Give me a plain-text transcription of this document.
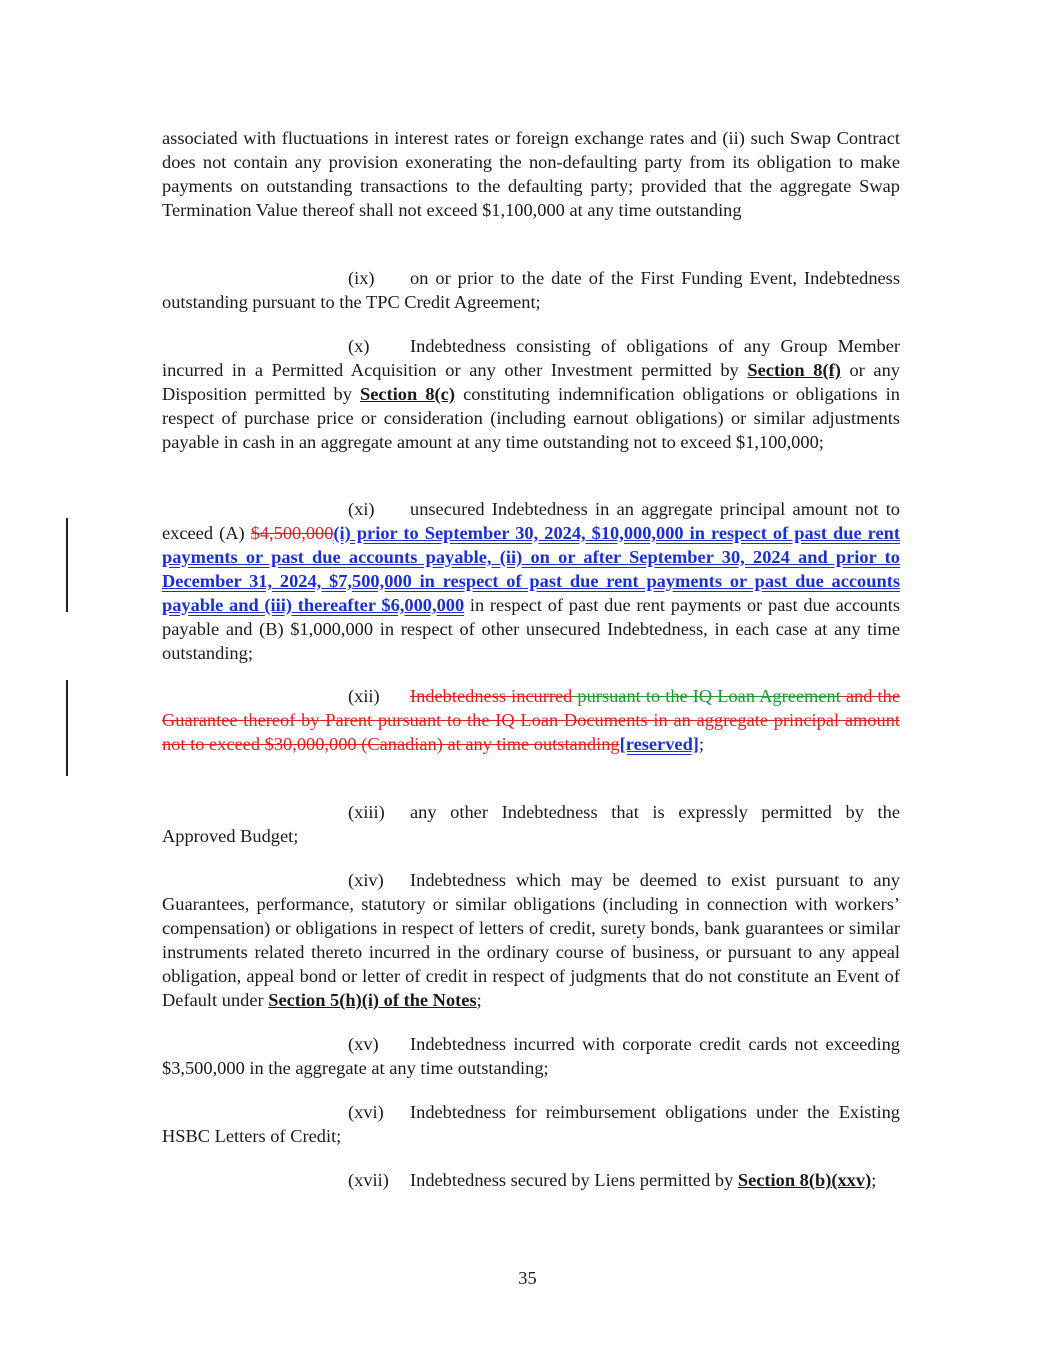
associated with fluctuations in interest rates or foreign exchange rates and (ii) such Swap Contract does not contain any provision exonerating the non-defaulting party from its obligation to make payments on outstanding transactions to the defaulting party; provided that the aggregate Swap Termination Value thereof shall not exceed $1,100,000 at any time outstanding

(ix) on or prior to the date of the First Funding Event, Indebtedness outstanding pursuant to the TPC Credit Agreement;

(x) Indebtedness consisting of obligations of any Group Member incurred in a Permitted Acquisition or any other Investment permitted by Section 8(f) or any Disposition permitted by Section 8(c) constituting indemnification obligations or obligations in respect of purchase price or consideration (including earnout obligations) or similar adjustments payable in cash in an aggregate amount at any time outstanding not to exceed $1,100,000;

(xi) unsecured Indebtedness in an aggregate principal amount not to exceed (A) $4,500,000(i) prior to September 30, 2024, $10,000,000 in respect of past due rent payments or past due accounts payable, (ii) on or after September 30, 2024 and prior to December 31, 2024, $7,500,000 in respect of past due rent payments or past due accounts payable and (iii) thereafter $6,000,000 in respect of past due rent payments or past due accounts payable and (B) $1,000,000 in respect of other unsecured Indebtedness, in each case at any time outstanding;

(xii) Indebtedness incurred pursuant to the IQ Loan Agreement and the Guarantee thereof by Parent pursuant to the IQ Loan Documents in an aggregate principal amount not to exceed $30,000,000 (Canadian) at any time outstanding[reserved];

(xiii) any other Indebtedness that is expressly permitted by the Approved Budget;

(xiv) Indebtedness which may be deemed to exist pursuant to any Guarantees, performance, statutory or similar obligations (including in connection with workers’ compensation) or obligations in respect of letters of credit, surety bonds, bank guarantees or similar instruments related thereto incurred in the ordinary course of business, or pursuant to any appeal obligation, appeal bond or letter of credit in respect of judgments that do not constitute an Event of Default under Section 5(h)(i) of the Notes;

(xv) Indebtedness incurred with corporate credit cards not exceeding $3,500,000 in the aggregate at any time outstanding;

(xvi) Indebtedness for reimbursement obligations under the Existing HSBC Letters of Credit;

(xvii) Indebtedness secured by Liens permitted by Section 8(b)(xxv);

35
